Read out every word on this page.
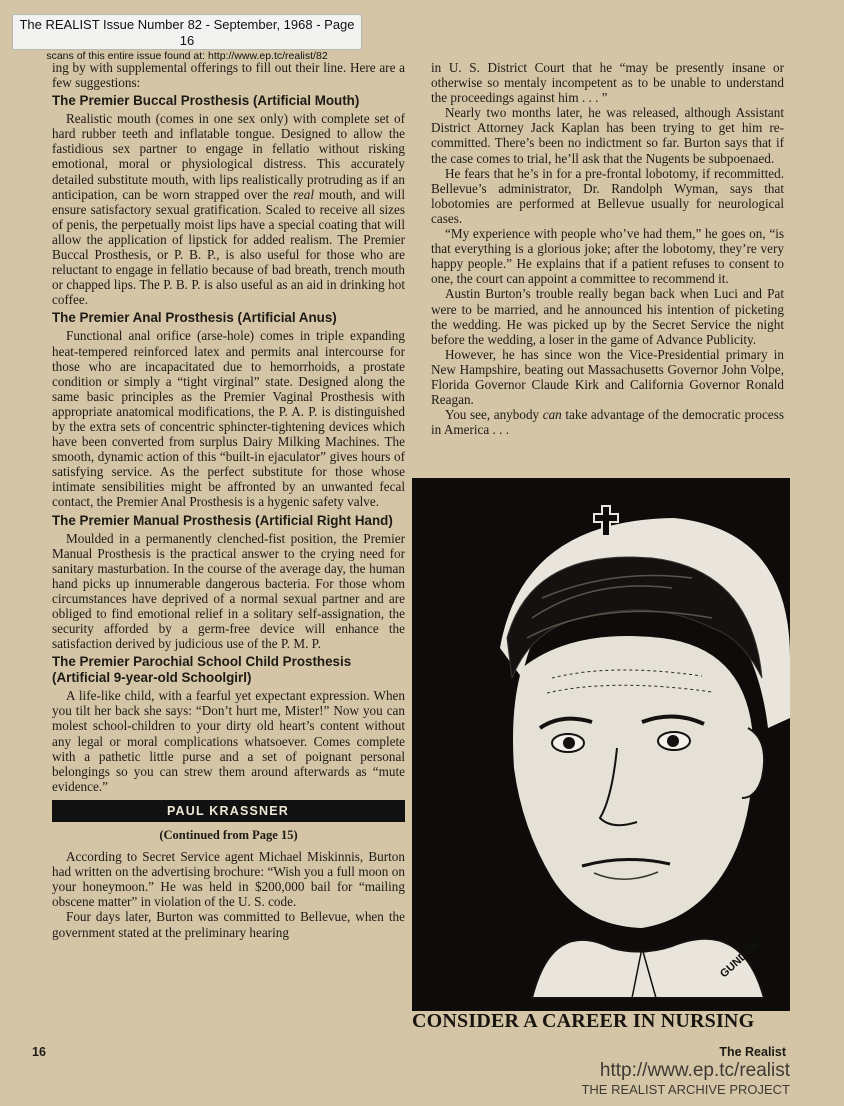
The REALIST Issue Number 82 - September, 1968 - Page 16
scans of this entire issue found at: http://www.ep.tc/realist/82

ing by with supplemental offerings to fill out their line. Here are a few suggestions:

The Premier Buccal Prosthesis (Artificial Mouth)

Realistic mouth (comes in one sex only) with complete set of hard rubber teeth and inflatable tongue. Designed to allow the fastidious sex partner to engage in fellatio without risking emotional, moral or physiological distress. This accurately detailed substitute mouth, with lips realistically protruding as if an anticipation, can be worn strapped over the real mouth, and will ensure satisfactory sexual gratification. Scaled to receive all sizes of penis, the perpetually moist lips have a special coating that will allow the application of lipstick for added realism. The Premier Buccal Prosthesis, or P. B. P., is also useful for those who are reluctant to engage in fellatio because of bad breath, trench mouth or chapped lips. The P. B. P. is also useful as an aid in drinking hot coffee.

The Premier Anal Prosthesis (Artificial Anus)

Functional anal orifice (arse-hole) comes in triple expanding heat-tempered reinforced latex and permits anal intercourse for those who are incapacitated due to hemorrhoids, a prostate condition or simply a “tight virginal” state. Designed along the same basic principles as the Premier Vaginal Prosthesis with appropriate anatomical modifications, the P. A. P. is distinguished by the extra sets of concentric sphincter-tightening devices which have been converted from surplus Dairy Milking Machines. The smooth, dynamic action of this “built-in ejaculator” gives hours of satisfying service. As the perfect substitute for those whose intimate sensibilities might be affronted by an unwanted fecal contact, the Premier Anal Prosthesis is a hygenic safety valve.

The Premier Manual Prosthesis (Artificial Right Hand)

Moulded in a permanently clenched-fist position, the Premier Manual Prosthesis is the practical answer to the crying need for sanitary masturbation. In the course of the average day, the human hand picks up innumerable dangerous bacteria. For those whom circumstances have deprived of a normal sexual partner and are obliged to find emotional relief in a solitary self-assignation, the security afforded by a germ-free device will enhance the satisfaction derived by judicious use of the P. M. P.

The Premier Parochial School Child Prosthesis (Artificial 9-year-old Schoolgirl)

A life-like child, with a fearful yet expectant expression. When you tilt her back she says: “Don’t hurt me, Mister!” Now you can molest school-children to your dirty old heart’s content without any legal or moral complications whatsoever. Comes complete with a pathetic little purse and a set of poignant personal belongings so you can strew them around afterwards as “mute evidence.”

PAUL KRASSNER
(Continued from Page 15)

According to Secret Service agent Michael Miskinnis, Burton had written on the advertising brochure: “Wish you a full moon on your honeymoon.” He was held in $200,000 bail for “mailing obscene matter” in violation of the U. S. code.

Four days later, Burton was committed to Bellevue, when the government stated at the preliminary hearing

in U. S. District Court that he “may be presently insane or otherwise so mentaly incompetent as to be unable to understand the proceedings against him . . . ”

Nearly two months later, he was released, although Assistant District Attorney Jack Kaplan has been trying to get him re-committed. There’s been no indictment so far. Burton says that if the case comes to trial, he’ll ask that the Nugents be subpoenaed.

He fears that he’s in for a pre-frontal lobotomy, if recommitted. Bellevue’s administrator, Dr. Randolph Wyman, says that lobotomies are performed at Bellevue usually for neurological cases.

“My experience with people who’ve had them,” he goes on, “is that everything is a glorious joke; after the lobotomy, they’re very happy people.” He explains that if a patient refuses to consent to one, the court can appoint a committee to recommend it.

Austin Burton’s trouble really began back when Luci and Pat were to be married, and he announced his intention of picketing the wedding. He was picked up by the Secret Service the night before the wedding, a loser in the game of Advance Publicity.

However, he has since won the Vice-Presidential primary in New Hampshire, beating out Massachusetts Governor John Volpe, Florida Governor Claude Kirk and California Governor Ronald Reagan.

You see, anybody can take advantage of the democratic process in America . . .

GUNDON
CONSIDER A CAREER IN NURSING
16	The Realist
http://www.ep.tc/realist
THE REALIST ARCHIVE PROJECT
